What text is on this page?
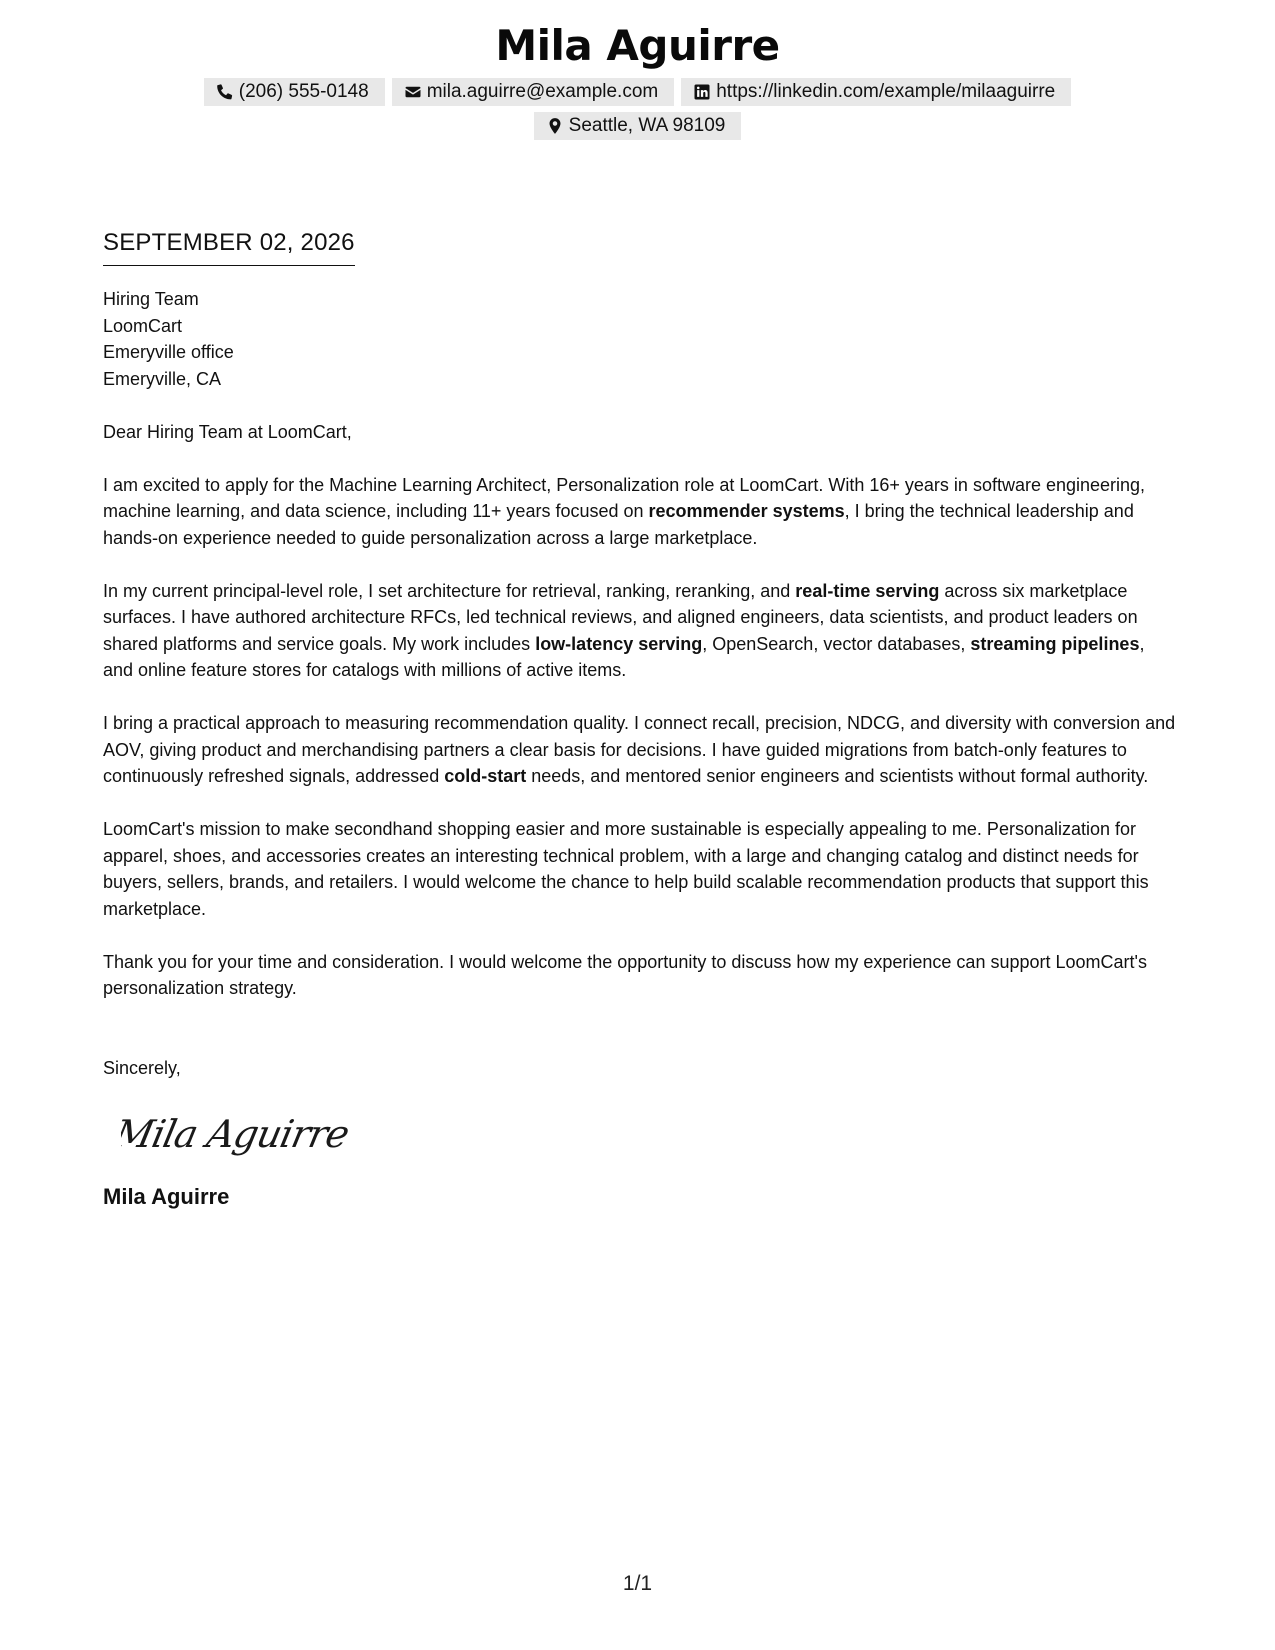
Mila Aguirre
(206) 555-0148	mila.aguirre@example.com	https://linkedin.com/example/milaaguirre
Seattle, WA 98109
SEPTEMBER 02, 2026
Hiring Team
LoomCart
Emeryville office
Emeryville, CA
Dear Hiring Team at LoomCart,

I am excited to apply for the Machine Learning Architect, Personalization role at LoomCart. With 16+ years in software engineering, machine learning, and data science, including 11+ years focused on recommender systems, I bring the technical leadership and hands-on experience needed to guide personalization across a large marketplace.

In my current principal-level role, I set architecture for retrieval, ranking, reranking, and real-time serving across six marketplace surfaces. I have authored architecture RFCs, led technical reviews, and aligned engineers, data scientists, and product leaders on shared platforms and service goals. My work includes low-latency serving, OpenSearch, vector databases, streaming pipelines, and online feature stores for catalogs with millions of active items.

I bring a practical approach to measuring recommendation quality. I connect recall, precision, NDCG, and diversity with conversion and AOV, giving product and merchandising partners a clear basis for decisions. I have guided migrations from batch-only features to continuously refreshed signals, addressed cold-start needs, and mentored senior engineers and scientists without formal authority.

LoomCart's mission to make secondhand shopping easier and more sustainable is especially appealing to me. Personalization for apparel, shoes, and accessories creates an interesting technical problem, with a large and changing catalog and distinct needs for buyers, sellers, brands, and retailers. I would welcome the chance to help build scalable recommendation products that support this marketplace.

Thank you for your time and consideration. I would welcome the opportunity to discuss how my experience can support LoomCart's personalization strategy.

Sincerely,
Mila Aguirre
Mila Aguirre
1/1
